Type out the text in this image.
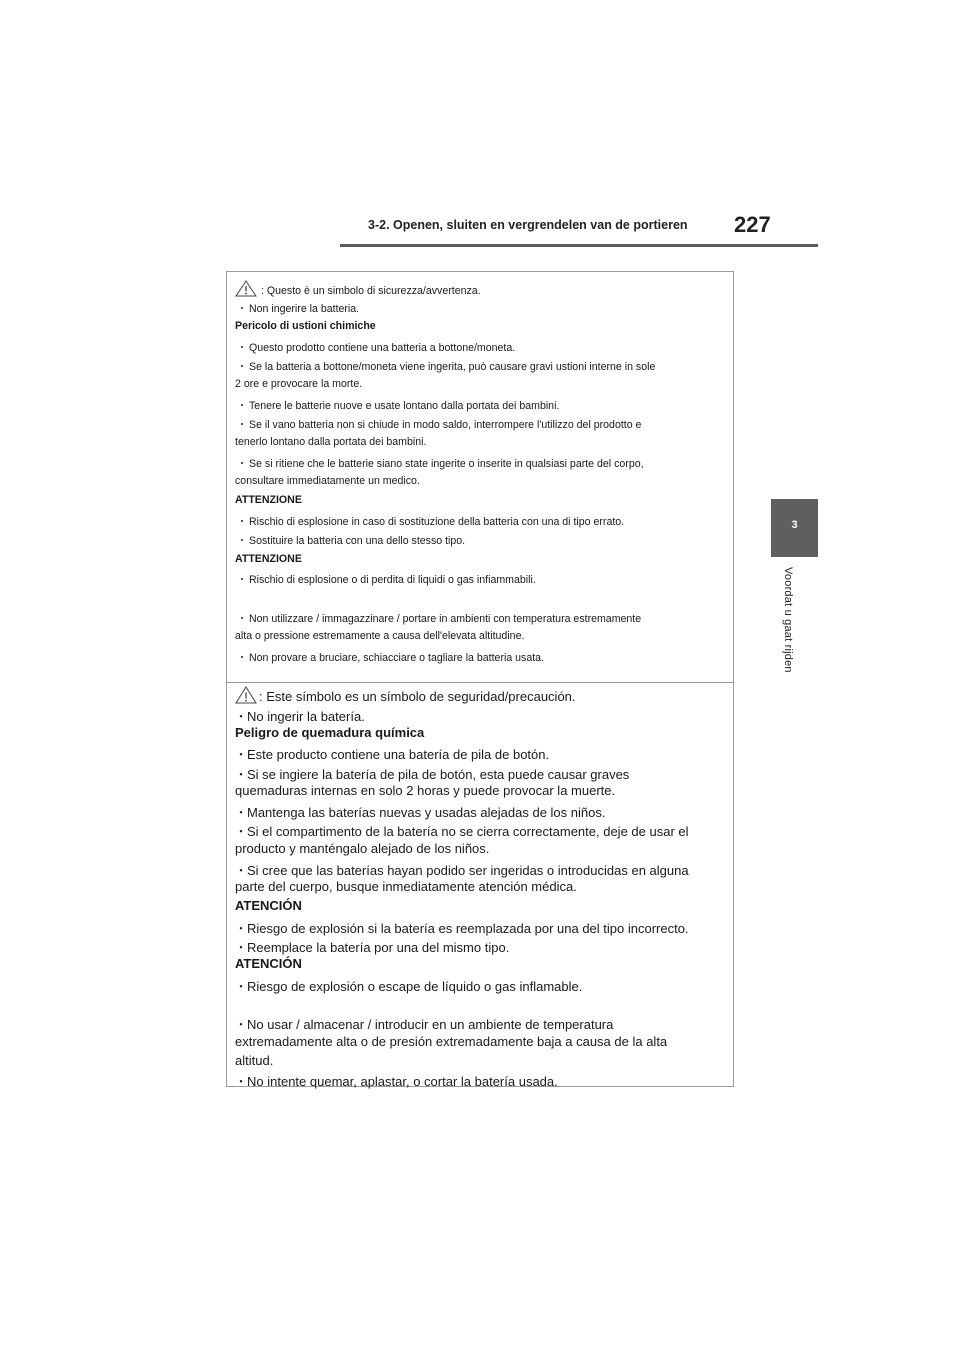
3-2. Openen, sluiten en vergrendelen van de portieren 227
3
Voordat u gaat rijden
: Questo è un simbolo di sicurezza/avvertenza.
･ Non ingerire la batteria.
Pericolo di ustioni chimiche
･ Questo prodotto contiene una batteria a bottone/moneta.
･ Se la batteria a bottone/moneta viene ingerita, può causare gravi ustioni interne in sole
2 ore e provocare la morte.
･ Tenere le batterie nuove e usate lontano dalla portata dei bambini.
･ Se il vano batteria non si chiude in modo saldo, interrompere l'utilizzo del prodotto e
tenerlo lontano dalla portata dei bambini.
･ Se si ritiene che le batterie siano state ingerite o inserite in qualsiasi parte del corpo,
consultare immediatamente un medico.
ATTENZIONE
･ Rischio di esplosione in caso di sostituzione della batteria con una di tipo errato.
･ Sostituire la batteria con una dello stesso tipo.
ATTENZIONE
･ Rischio di esplosione o di perdita di liquidi o gas infiammabili.
･ Non utilizzare / immagazzinare / portare in ambienti con temperatura estremamente
alta o pressione estremamente a causa dell'elevata altitudine.
･ Non provare a bruciare, schiacciare o tagliare la batteria usata.
: Este símbolo es un símbolo de seguridad/precaución.
･ No ingerir la batería.
Peligro de quemadura química
･ Este producto contiene una batería de pila de botón.
･ Si se ingiere la batería de pila de botón, esta puede causar graves
quemaduras internas en solo 2 horas y puede provocar la muerte.
･ Mantenga las baterías nuevas y usadas alejadas de los niños.
･ Si el compartimento de la batería no se cierra correctamente, deje de usar el
producto y manténgalo alejado de los niños.
･ Si cree que las baterías hayan podido ser ingeridas o introducidas en alguna
parte del cuerpo, busque inmediatamente atención médica.
ATENCIÓN
･ Riesgo de explosión si la batería es reemplazada por una del tipo incorrecto.
･ Reemplace la batería por una del mismo tipo.
ATENCIÓN
･ Riesgo de explosión o escape de líquido o gas inflamable.
･ No usar / almacenar / introducir en un ambiente de temperatura
extremadamente alta o de presión extremadamente baja a causa de la alta
altitud.
･ No intente quemar, aplastar, o cortar la batería usada.
